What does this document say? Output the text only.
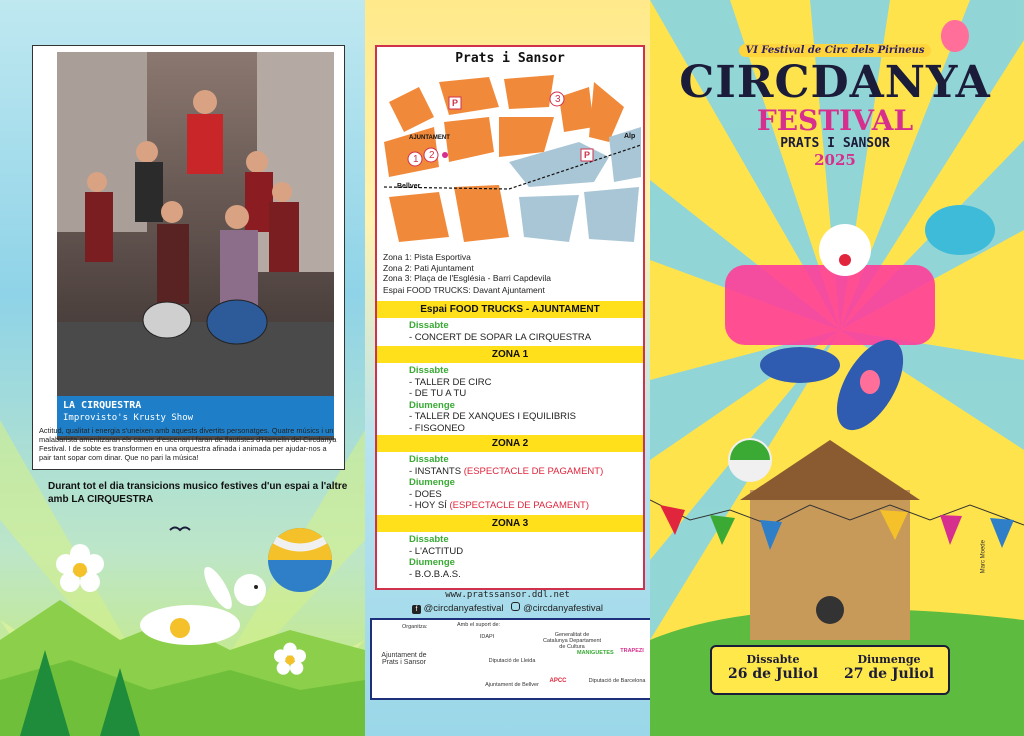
LA CIRQUESTRA
Improvisto's Krusty Show
Actitud, qualitat i energia s'uneixen amb aquests divertits personatges. Quatre músics i un malabarista amenitzaran els canvis d'escenari i faran de flautistes d'Hamelín del Circdanya Festival. I de sobte es transformen en una orquestra afinada i animada per ajudar-nos a pair tant sopar com dinar. Que no pari la música!
Durant tot el dia transicions musico festives d'un espai a l'altre amb LA CIRQUESTRA
Prats i Sansor
P
P
3
1 2
AJUNTAMENT
Bellver
Alp
Zona 1: Pista Esportiva
Zona 2: Pati Ajuntament
Zona 3: Plaça de l'Església - Barri Capdevila
Espai FOOD TRUCKS: Davant Ajuntament
Espai FOOD TRUCKS - AJUNTAMENT
Dissabte
- CONCERT DE SOPAR LA CIRQUESTRA
ZONA 1
Dissabte
- TALLER DE CIRC
- DE TU A TU
Diumenge
- TALLER DE XANQUES I EQUILIBRIS
- FISGONEO
ZONA 2
Dissabte
- INSTANTS (ESPECTACLE DE PAGAMENT)
Diumenge
- DOES
- HOY SÍ (ESPECTACLE DE PAGAMENT)
ZONA 3
Dissabte
- L'ACTITUD
Diumenge
- B.O.B.A.S.
www.pratssansor.ddl.net
f @circdanyafestival @circdanyafestival
Organitza:	Amb el suport de:
Ajuntament de Prats i Sansor
IDAPI	Generalitat de Catalunya Departament de Cultura
Diputació de Lleida
Ajuntament de Bellver
APCC
MANIGUETES	TRAPEZI
Diputació de Barcelona
VI Festival de Circ dels Pirineus
CIRCDANYA
FESTIVAL
PRATS I SANSOR
2025
Marc Moede
Dissabte
26 de Juliol
Diumenge
27 de Juliol
